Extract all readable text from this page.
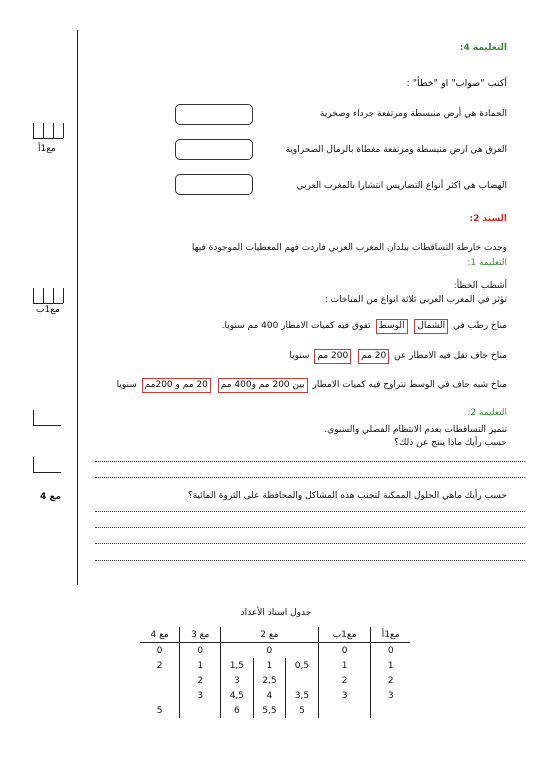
مع1أ
مع1ب
مع 4
التعليمة 4:
أكتب "صواب" او "خطأ" :
الحمادة هي أرض منبسطة ومرتفعة جرداء وصخرية
العرق هي ارض منبسطة ومرتفعة مغطاة بالرمال الصحراوية
الهضاب هي اكثر أنواع التضاريس انتشارا بالمغرب العربي
السند 2:
وجدت خارطة التساقطات ببلدان المغرب العربي فاردت فهم المعطيات الموجودة فيها
التعليمة 1:
أشطب الخطأ:
تؤثر في المغرب العربي ثلاثة انواع من المناخات :
مناخ رطب في الشمال الوسط تفوق فيه كميات الامطار 400 مم سنويا.
مناخ جاف تقل فيه الامطار عن 20 مم 200 مم سنويا
مناخ شبه جاف في الوسط تتراوح فيه كميات الامطار بين 200 مم و400 مم 20 مم و 200مم سنويا
التعليمة 2:
تتميز التساقطات بعدم الانتظام الفصلي والسنوي.
حسب رأيك ماذا ينتج عن ذلك؟
حسب رأيك ماهي الحلول الممكنة لتجنب هذه المشاكل والمحافظة على الثروة المائية؟
جدول اسناد الأعداد
مع1أ	مع1ب	مع 2			مع 3	مع 4
0	0		0		0	0
1	1	0,5	1	1,5	1	2
2	2		2,5	3	2	
3	3	3,5	4	4,5	3	
		5	5,5	6		5
